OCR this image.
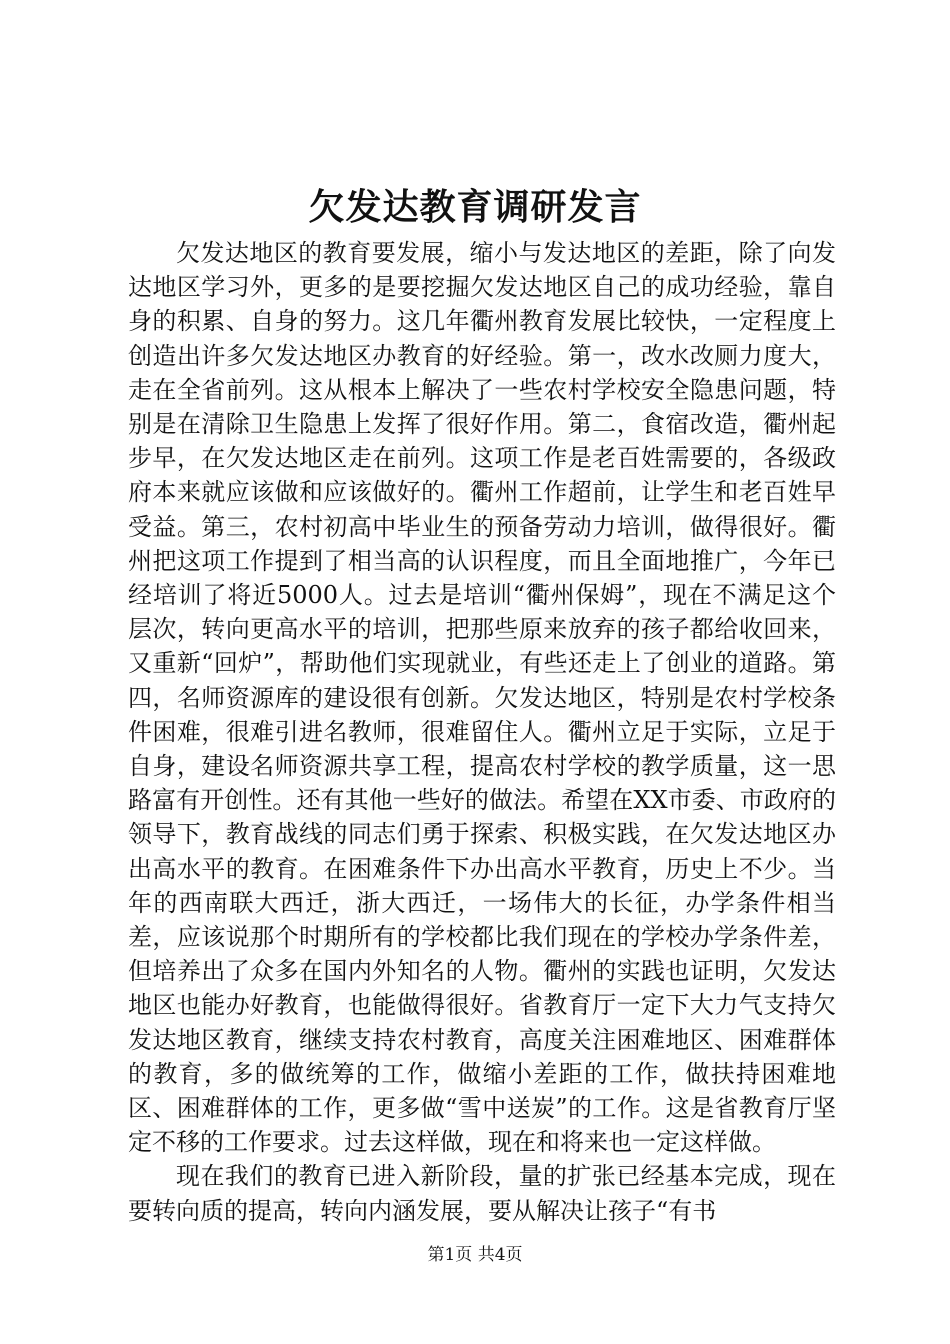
欠发达教育调研发言

欠发达地区的教育要发展，缩小与发达地区的差距，除了向发达地区学习外，更多的是要挖掘欠发达地区自己的成功经验，靠自身的积累、自身的努力。这几年衢州教育发展比较快，一定程度上创造出许多欠发达地区办教育的好经验。第一，改水改厕力度大，走在全省前列。这从根本上解决了一些农村学校安全隐患问题，特别是在清除卫生隐患上发挥了很好作用。第二，食宿改造，衢州起步早，在欠发达地区走在前列。这项工作是老百姓需要的，各级政府本来就应该做和应该做好的。衢州工作超前，让学生和老百姓早受益。第三，农村初高中毕业生的预备劳动力培训，做得很好。衢州把这项工作提到了相当高的认识程度，而且全面地推广，今年已经培训了将近5000人。过去是培训“衢州保姆”，现在不满足这个层次，转向更高水平的培训，把那些原来放弃的孩子都给收回来，又重新“回炉”，帮助他们实现就业，有些还走上了创业的道路。第四，名师资源库的建设很有创新。欠发达地区，特别是农村学校条件困难，很难引进名教师，很难留住人。衢州立足于实际，立足于自身，建设名师资源共享工程，提高农村学校的教学质量，这一思路富有开创性。还有其他一些好的做法。希望在XX市委、市政府的领导下，教育战线的同志们勇于探索、积极实践，在欠发达地区办出高水平的教育。在困难条件下办出高水平教育，历史上不少。当年的西南联大西迁，浙大西迁，一场伟大的长征，办学条件相当差，应该说那个时期所有的学校都比我们现在的学校办学条件差，但培养出了众多在国内外知名的人物。衢州的实践也证明，欠发达地区也能办好教育，也能做得很好。省教育厅一定下大力气支持欠发达地区教育，继续支持农村教育，高度关注困难地区、困难群体的教育，多的做统筹的工作，做缩小差距的工作，做扶持困难地区、困难群体的工作，更多做“雪中送炭”的工作。这是省教育厅坚定不移的工作要求。过去这样做，现在和将来也一定这样做。

现在我们的教育已进入新阶段，量的扩张已经基本完成，现在要转向质的提高，转向内涵发展，要从解决让孩子“有书

第1页 共4页
